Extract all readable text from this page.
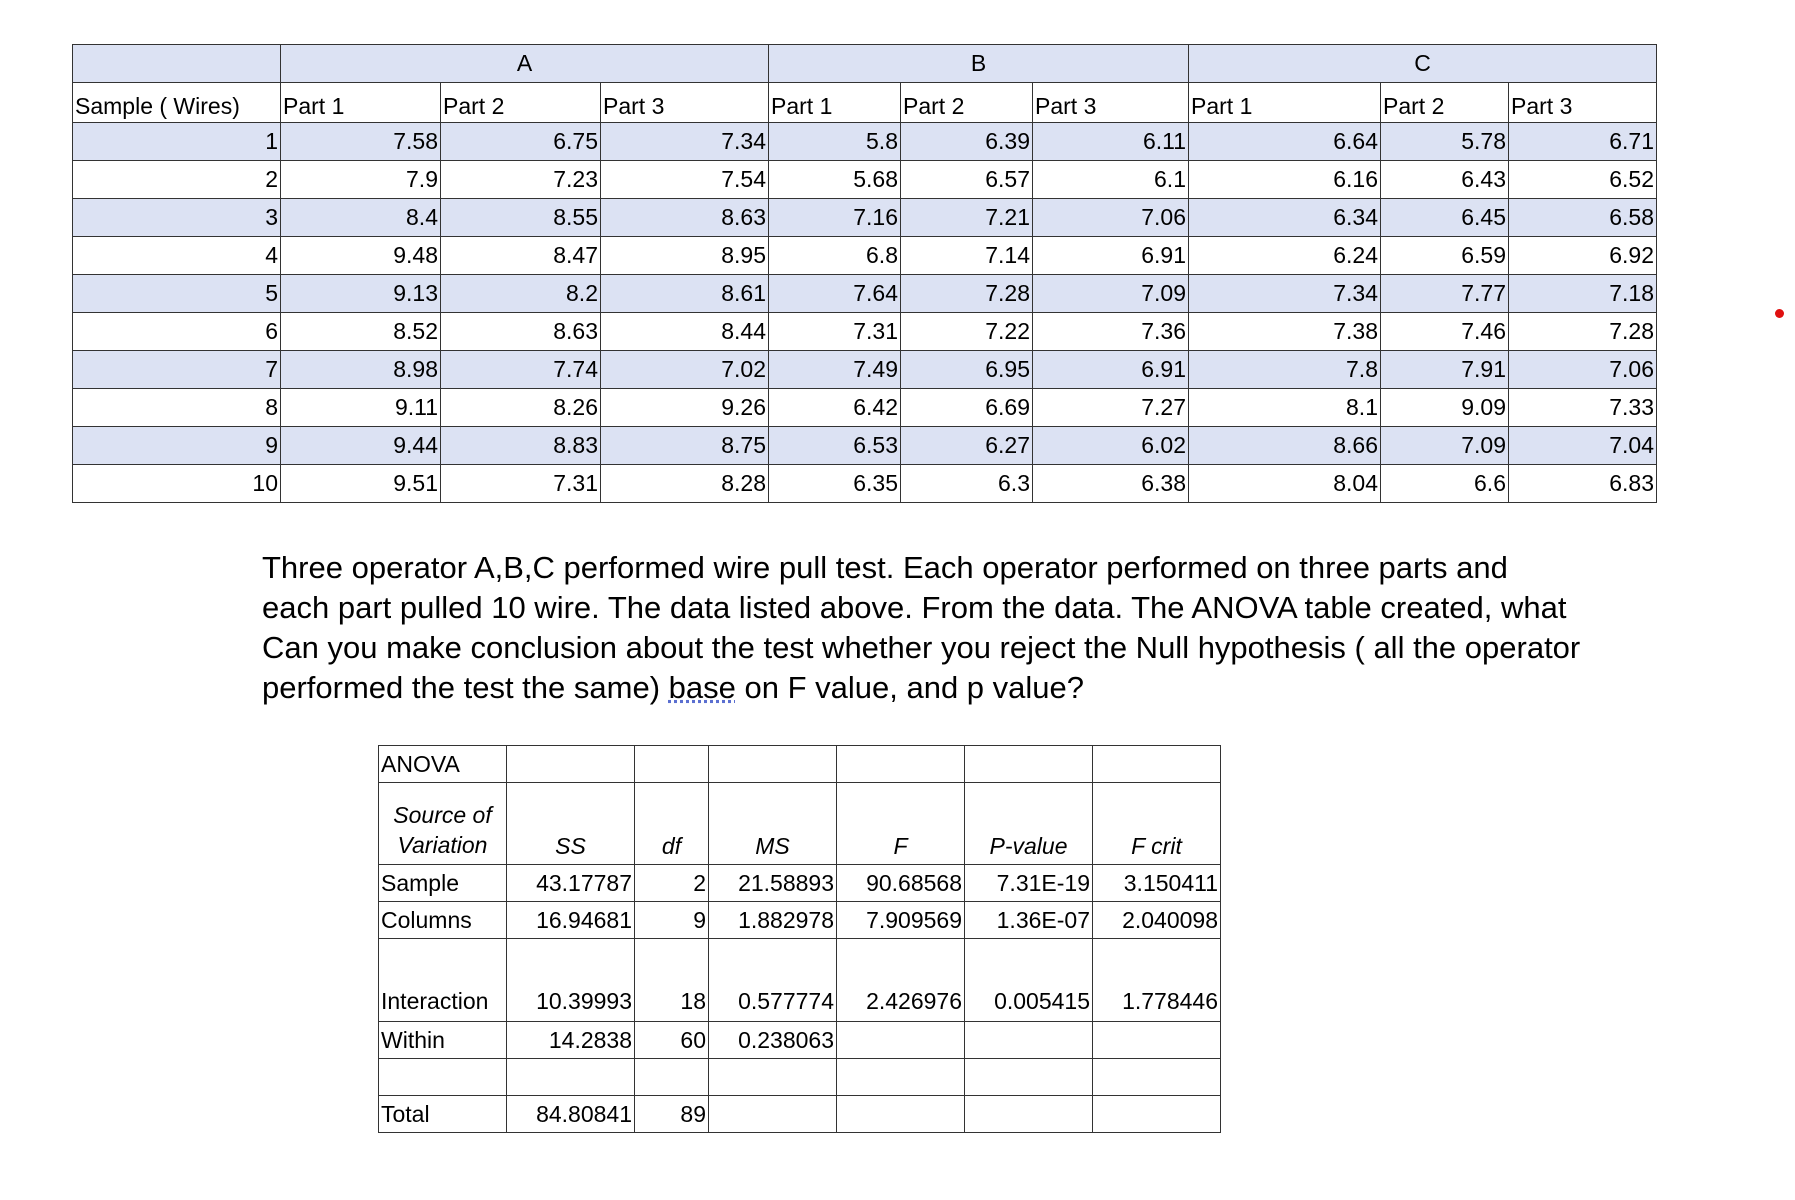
	A			B			C		
Sample ( Wires)	Part 1	Part 2	Part 3	Part 1	Part 2	Part 3	Part 1	Part 2	Part 3
1	7.58	6.75	7.34	5.8	6.39	6.11	6.64	5.78	6.71
2	7.9	7.23	7.54	5.68	6.57	6.1	6.16	6.43	6.52
3	8.4	8.55	8.63	7.16	7.21	7.06	6.34	6.45	6.58
4	9.48	8.47	8.95	6.8	7.14	6.91	6.24	6.59	6.92
5	9.13	8.2	8.61	7.64	7.28	7.09	7.34	7.77	7.18
6	8.52	8.63	8.44	7.31	7.22	7.36	7.38	7.46	7.28
7	8.98	7.74	7.02	7.49	6.95	6.91	7.8	7.91	7.06
8	9.11	8.26	9.26	6.42	6.69	7.27	8.1	9.09	7.33
9	9.44	8.83	8.75	6.53	6.27	6.02	8.66	7.09	7.04
10	9.51	7.31	8.28	6.35	6.3	6.38	8.04	6.6	6.83

Three operator A,B,C performed wire pull test. Each operator performed on three parts and each part pulled 10 wire. The data listed above. From the data. The ANOVA table created, what Can you make conclusion about the test whether you reject the Null hypothesis ( all the operator performed the test the same) base on F value, and p value?

ANOVA						
Source of
Variation	SS	df	MS	F	P-value	F crit
Sample	43.17787	2	21.58893	90.68568	7.31E-19	3.150411
Columns	16.94681	9	1.882978	7.909569	1.36E-07	2.040098
Interaction	10.39993	18	0.577774	2.426976	0.005415	1.778446
Within	14.2838	60	0.238063			

Total	84.80841	89				
